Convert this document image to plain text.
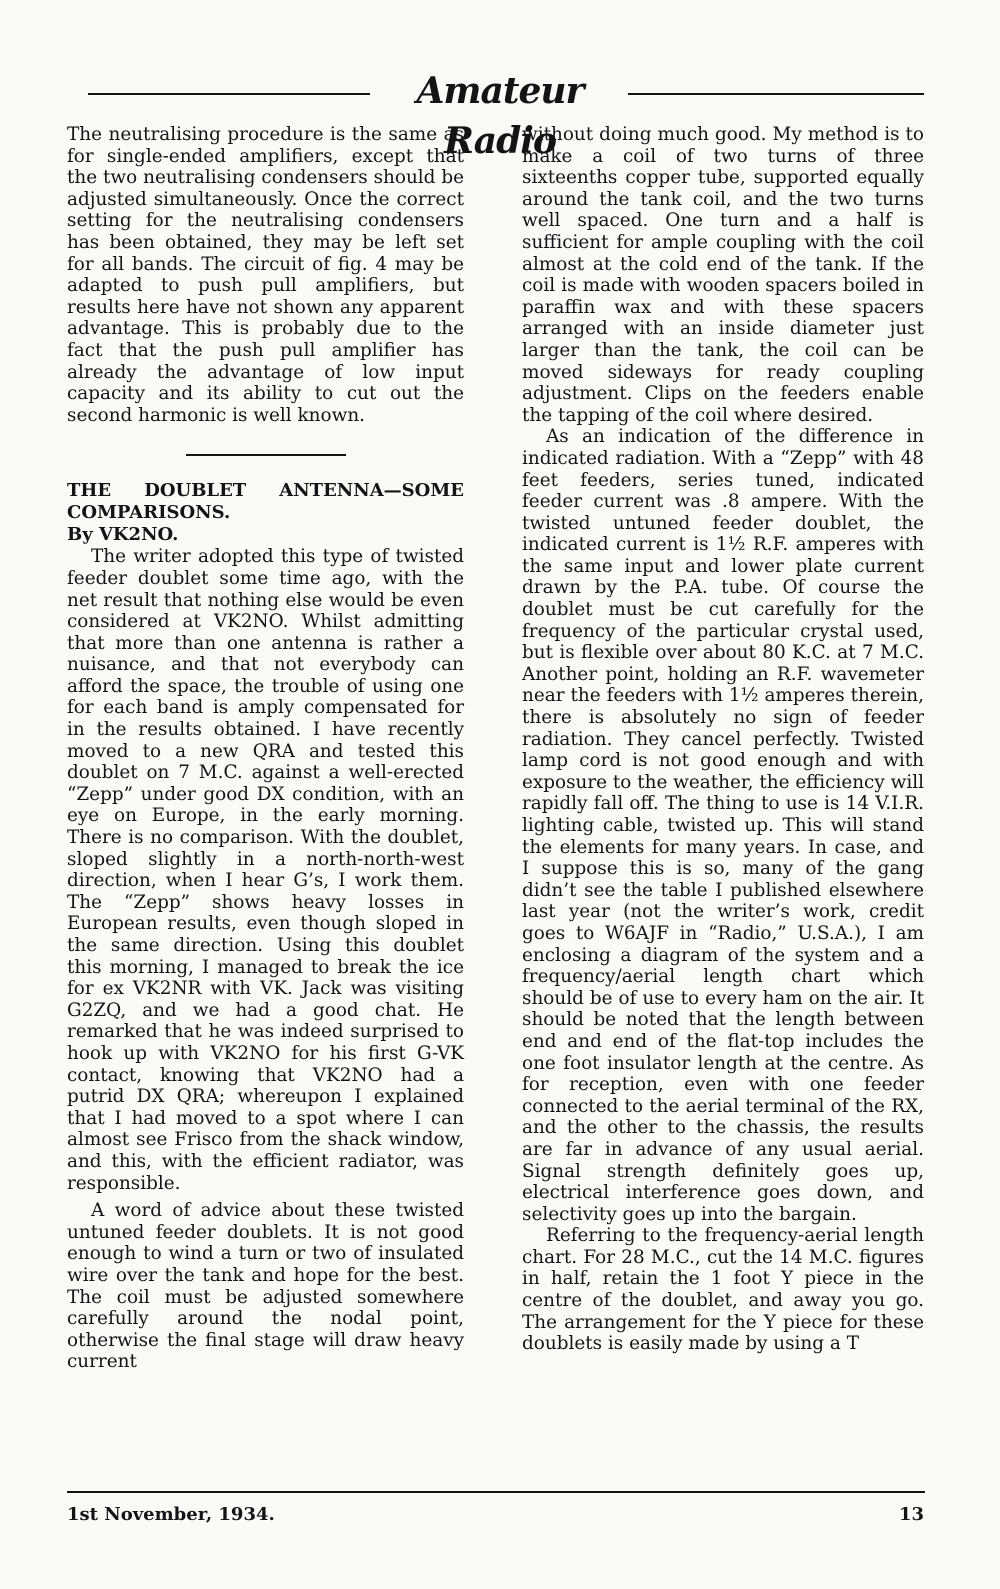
Amateur Radio

The neutralising procedure is the same as for single-ended amplifiers, except that the two neutralising condensers should be adjusted simultaneously. Once the correct setting for the neutralising condensers has been obtained, they may be left set for all bands. The circuit of fig. 4 may be adapted to push pull amplifiers, but results here have not shown any apparent advantage. This is probably due to the fact that the push pull amplifier has already the advantage of low input capacity and its ability to cut out the second harmonic is well known.

THE DOUBLET ANTENNA—SOME COMPARISONS.

By VK2NO.

The writer adopted this type of twisted feeder doublet some time ago, with the net result that nothing else would be even considered at VK2NO. Whilst admitting that more than one antenna is rather a nuisance, and that not everybody can afford the space, the trouble of using one for each band is amply compensated for in the results obtained. I have recently moved to a new QRA and tested this doublet on 7 M.C. against a well-erected “Zepp” under good DX condition, with an eye on Europe, in the early morning. There is no comparison. With the doublet, sloped slightly in a north-north-west direction, when I hear G’s, I work them. The “Zepp” shows heavy losses in European results, even though sloped in the same direction. Using this doublet this morning, I managed to break the ice for ex VK2NR with VK. Jack was visiting G2ZQ, and we had a good chat. He remarked that he was indeed surprised to hook up with VK2NO for his first G-VK contact, knowing that VK2NO had a putrid DX QRA; whereupon I explained that I had moved to a spot where I can almost see Frisco from the shack window, and this, with the efficient radiator, was responsible.

A word of advice about these twisted untuned feeder doublets. It is not good enough to wind a turn or two of insulated wire over the tank and hope for the best. The coil must be adjusted somewhere carefully around the nodal point, otherwise the final stage will draw heavy current

without doing much good. My method is to make a coil of two turns of three sixteenths copper tube, supported equally around the tank coil, and the two turns well spaced. One turn and a half is sufficient for ample coupling with the coil almost at the cold end of the tank. If the coil is made with wooden spacers boiled in paraffin wax and with these spacers arranged with an inside diameter just larger than the tank, the coil can be moved sideways for ready coupling adjustment. Clips on the feeders enable the tapping of the coil where desired.

As an indication of the difference in indicated radiation. With a “Zepp” with 48 feet feeders, series tuned, indicated feeder current was .8 ampere. With the twisted untuned feeder doublet, the indicated current is 1½ R.F. amperes with the same input and lower plate current drawn by the P.A. tube. Of course the doublet must be cut carefully for the frequency of the particular crystal used, but is flexible over about 80 K.C. at 7 M.C. Another point, holding an R.F. wavemeter near the feeders with 1½ amperes therein, there is absolutely no sign of feeder radiation. They cancel perfectly. Twisted lamp cord is not good enough and with exposure to the weather, the efficiency will rapidly fall off. The thing to use is 14 V.I.R. lighting cable, twisted up. This will stand the elements for many years. In case, and I suppose this is so, many of the gang didn’t see the table I published elsewhere last year (not the writer’s work, credit goes to W6AJF in “Radio,” U.S.A.), I am enclosing a diagram of the system and a frequency/aerial length chart which should be of use to every ham on the air. It should be noted that the length between end and end of the flat-top includes the one foot insulator length at the centre. As for reception, even with one feeder connected to the aerial terminal of the RX, and the other to the chassis, the results are far in advance of any usual aerial. Signal strength definitely goes up, electrical interference goes down, and selectivity goes up into the bargain.

Referring to the frequency-aerial length chart. For 28 M.C., cut the 14 M.C. figures in half, retain the 1 foot Y piece in the centre of the doublet, and away you go. The arrangement for the Y piece for these doublets is easily made by using a T

1st November, 1934.	13
